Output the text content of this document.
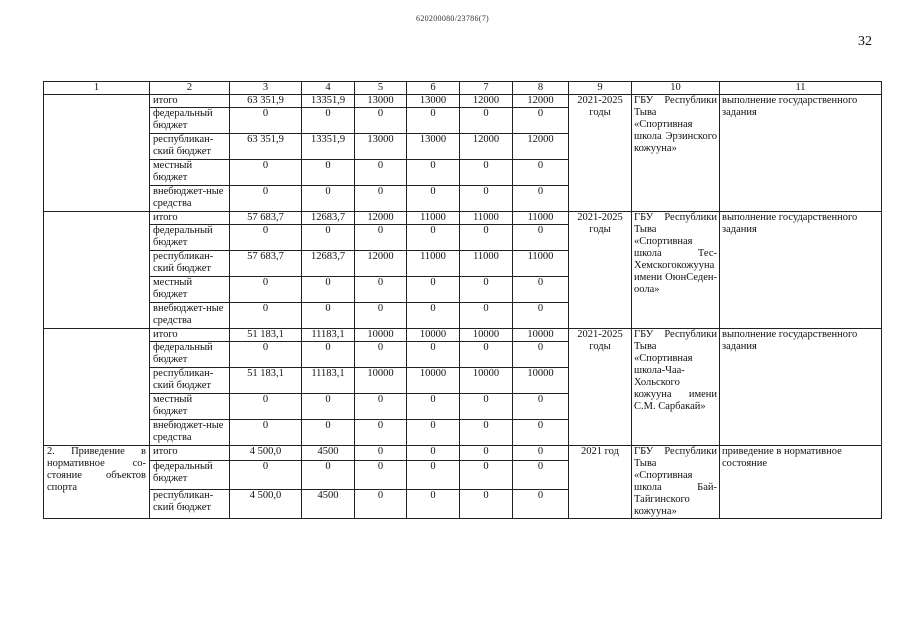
620200080/23786(7)
32
1	2	3	4	5	6	7	8	9	10	11
	итого	63 351,9	13351,9	13000	13000	12000	12000	2021-2025 годы	ГБУ Республики Тыва «Спортивная школа Эрзинского кожууна»	выполнение государственного задания
	федеральный бюджет	0	0	0	0	0	0			
	республикан-ский бюджет	63 351,9	13351,9	13000	13000	12000	12000			
	местный бюджет	0	0	0	0	0	0			
	внебюджет-ные средства	0	0	0	0	0	0			
	итого	57 683,7	12683,7	12000	11000	11000	11000	2021-2025 годы	ГБУ Республики Тыва «Спортивная школа Тес-Хемскогокожууна имени ОюнСеден-оола»	выполнение государственного задания
	федеральный бюджет	0	0	0	0	0	0			
	республикан-ский бюджет	57 683,7	12683,7	12000	11000	11000	11000			
	местный бюджет	0	0	0	0	0	0			
	внебюджет-ные средства	0	0	0	0	0	0			
	итого	51 183,1	11183,1	10000	10000	10000	10000	2021-2025 годы	ГБУ Республики Тыва «Спортивная школа-Чаа-Хольского кожууна имени С.М. Сарбакай»	выполнение государственного задания
	федеральный бюджет	0	0	0	0	0	0			
	республикан-ский бюджет	51 183,1	11183,1	10000	10000	10000	10000			
	местный бюджет	0	0	0	0	0	0			
	внебюджет-ные средства	0	0	0	0	0	0			
2. Приведение в нормативное со-стояние объектов спорта	итого	4 500,0	4500	0	0	0	0	2021 год	ГБУ Республики Тыва «Спортивная школа Бай-Тайгинского кожууна»	приведение в нормативное состояние
	федеральный бюджет	0	0	0	0	0	0			
	республикан-ский бюджет	4 500,0	4500	0	0	0	0			
